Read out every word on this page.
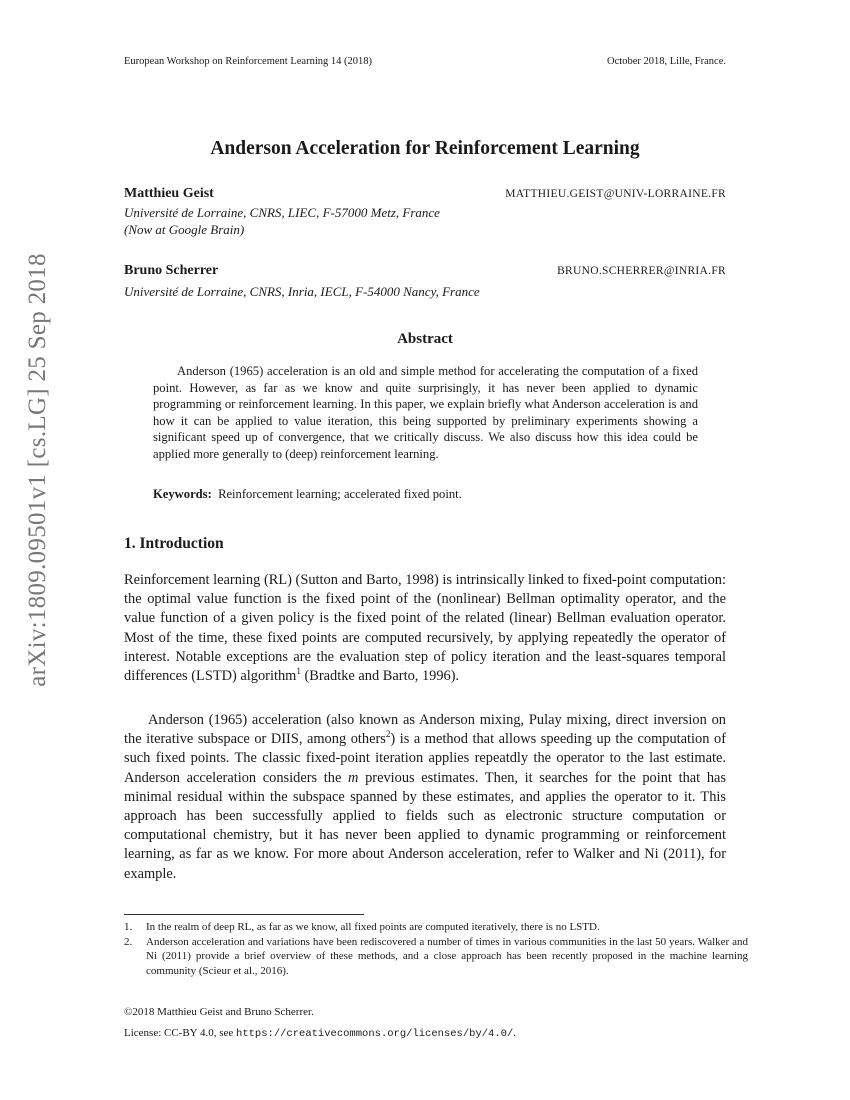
European Workshop on Reinforcement Learning 14 (2018)	October 2018, Lille, France.
arXiv:1809.09501v1 [cs.LG] 25 Sep 2018
Anderson Acceleration for Reinforcement Learning
Matthieu Geist	MATTHIEU.GEIST@UNIV-LORRAINE.FR
Université de Lorraine, CNRS, LIEC, F-57000 Metz, France
(Now at Google Brain)
Bruno Scherrer	BRUNO.SCHERRER@INRIA.FR
Université de Lorraine, CNRS, Inria, IECL, F-54000 Nancy, France
Abstract
Anderson (1965) acceleration is an old and simple method for accelerating the computation of a fixed point. However, as far as we know and quite surprisingly, it has never been applied to dynamic programming or reinforcement learning. In this paper, we explain briefly what Anderson acceleration is and how it can be applied to value iteration, this being supported by preliminary experiments showing a significant speed up of convergence, that we critically discuss. We also discuss how this idea could be applied more generally to (deep) reinforcement learning.
Keywords: Reinforcement learning; accelerated fixed point.
1. Introduction
Reinforcement learning (RL) (Sutton and Barto, 1998) is intrinsically linked to fixed-point computation: the optimal value function is the fixed point of the (nonlinear) Bellman optimality operator, and the value function of a given policy is the fixed point of the related (linear) Bellman evaluation operator. Most of the time, these fixed points are computed recursively, by applying repeatedly the operator of interest. Notable exceptions are the evaluation step of policy iteration and the least-squares temporal differences (LSTD) algorithm$^1$ (Bradtke and Barto, 1996).
Anderson (1965) acceleration (also known as Anderson mixing, Pulay mixing, direct inversion on the iterative subspace or DIIS, among others$^2$) is a method that allows speeding up the computation of such fixed points. The classic fixed-point iteration applies repeatdly the operator to the last estimate. Anderson acceleration considers the m previous estimates. Then, it searches for the point that has minimal residual within the subspace spanned by these estimates, and applies the operator to it. This approach has been successfully applied to fields such as electronic structure computation or computational chemistry, but it has never been applied to dynamic programming or reinforcement learning, as far as we know. For more about Anderson acceleration, refer to Walker and Ni (2011), for example.
1. In the realm of deep RL, as far as we know, all fixed points are computed iteratively, there is no LSTD.
2. Anderson acceleration and variations have been rediscovered a number of times in various communities in the last 50 years. Walker and Ni (2011) provide a brief overview of these methods, and a close approach has been recently proposed in the machine learning community (Scieur et al., 2016).
©2018 Matthieu Geist and Bruno Scherrer.
License: CC-BY 4.0, see https://creativecommons.org/licenses/by/4.0/.
